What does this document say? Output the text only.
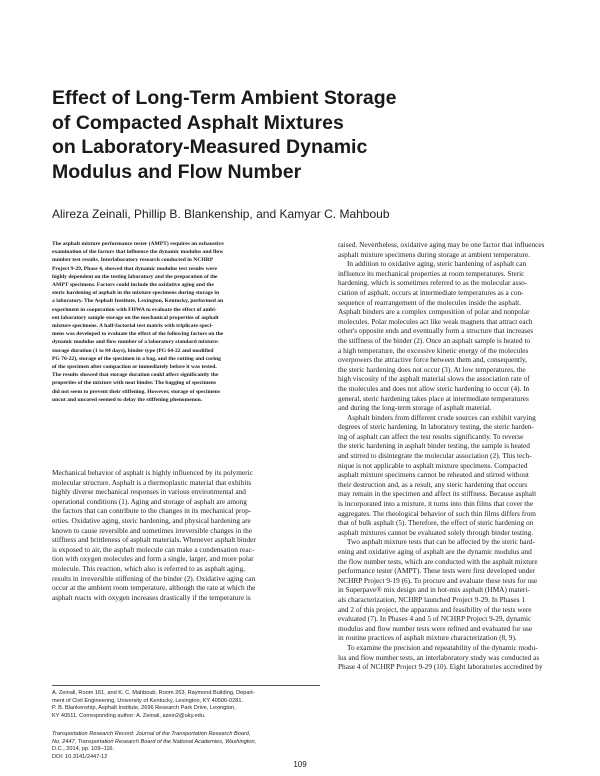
Effect of Long-Term Ambient Storage
of Compacted Asphalt Mixtures
on Laboratory-Measured Dynamic
Modulus and Flow Number
Alireza Zeinali, Phillip B. Blankenship, and Kamyar C. Mahboub
The asphalt mixture performance tester (AMPT) requires an exhaustive
examination of the factors that influence the dynamic modulus and flow
number test results. Interlaboratory research conducted in NCHRP
Project 9-29, Phase 4, showed that dynamic modulus test results were
highly dependent on the testing laboratory and the preparation of the
AMPT specimens. Factors could include the oxidative aging and the
steric hardening of asphalt in the mixture specimens during storage in
a laboratory. The Asphalt Institute, Lexington, Kentucky, performed an
experiment in cooperation with FHWA to evaluate the effect of ambi-
ent laboratory sample storage on the mechanical properties of asphalt
mixture specimens. A half-factorial test matrix with triplicate speci-
mens was developed to evaluate the effect of the following factors on the
dynamic modulus and flow number of a laboratory standard mixture:
storage duration (1 to 84 days), binder type (PG 64-22 and modified
PG 76-22), storage of the specimen in a bag, and the cutting and coring
of the specimen after compaction or immediately before it was tested.
The results showed that storage duration could affect significantly the
properties of the mixture with neat binder. The bagging of specimens
did not seem to prevent their stiffening. However, storage of specimens
uncut and uncored seemed to delay the stiffening phenomenon.
Mechanical behavior of asphalt is highly influenced by its polymeric
molecular structure. Asphalt is a thermoplastic material that exhibits
highly diverse mechanical responses in various environmental and
operational conditions (1). Aging and storage of asphalt are among
the factors that can contribute to the changes in its mechanical prop-
erties. Oxidative aging, steric hardening, and physical hardening are
known to cause reversible and sometimes irreversible changes in the
stiffness and brittleness of asphalt materials. Whenever asphalt binder
is exposed to air, the asphalt molecule can make a condensation reac-
tion with oxygen molecules and form a single, larger, and more polar
molecule. This reaction, which also is referred to as asphalt aging,
results in irreversible stiffening of the binder (2). Oxidative aging can
occur at the ambient room temperature, although the rate at which the
asphalt reacts with oxygen increases drastically if the temperature is
raised. Nevertheless, oxidative aging may be one factor that influences
asphalt mixture specimens during storage at ambient temperature.
In addition to oxidative aging, steric hardening of asphalt can
influence its mechanical properties at room temperatures. Steric
hardening, which is sometimes referred to as the molecular asso-
ciation of asphalt, occurs at intermediate temperatures as a con-
sequence of rearrangement of the molecules inside the asphalt.
Asphalt binders are a complex composition of polar and nonpolar
molecules. Polar molecules act like weak magnets that attract each
other's opposite ends and eventually form a structure that increases
the stiffness of the binder (2). Once an asphalt sample is heated to
a high temperature, the excessive kinetic energy of the molecules
overpowers the attractive force between them and, consequently,
the steric hardening does not occur (3). At low temperatures, the
high viscosity of the asphalt material slows the association rate of
the molecules and does not allow steric hardening to occur (4). In
general, steric hardening takes place at intermediate temperatures
and during the long-term storage of asphalt material.
Asphalt binders from different crude sources can exhibit varying
degrees of steric hardening. In laboratory testing, the steric harden-
ing of asphalt can affect the test results significantly. To reverse
the steric hardening in asphalt binder testing, the sample is heated
and stirred to disintegrate the molecular association (2). This tech-
nique is not applicable to asphalt mixture specimens. Compacted
asphalt mixture specimens cannot be reheated and stirred without
their destruction and, as a result, any steric hardening that occurs
may remain in the specimen and affect its stiffness. Because asphalt
is incorporated into a mixture, it turns into thin films that cover the
aggregates. The rheological behavior of such thin films differs from
that of bulk asphalt (5). Therefore, the effect of steric hardening on
asphalt mixtures cannot be evaluated solely through binder testing.
Two asphalt mixture tests that can be affected by the steric hard-
ening and oxidative aging of asphalt are the dynamic modulus and
the flow number tests, which are conducted with the asphalt mixture
performance tester (AMPT). These tests were first developed under
NCHRP Project 9-19 (6). To procure and evaluate these tests for use
in Superpave® mix design and in hot-mix asphalt (HMA) materi-
als characterization, NCHRP launched Project 9-29. In Phases 1
and 2 of this project, the apparatus and feasibility of the tests were
evaluated (7). In Phases 4 and 5 of NCHRP Project 9-29, dynamic
modulus and flow number tests were refined and evaluated for use
in routine practices of asphalt mixture characterization (8, 9).
To examine the precision and repeatability of the dynamic modu-
lus and flow number tests, an interlaboratory study was conducted as
Phase 4 of NCHRP Project 9-29 (10). Eight laboratories accredited by
A. Zeinali, Room 161, and K. C. Mahboub, Room 263, Raymond Building, Depart-
ment of Civil Engineering, University of Kentucky, Lexington, KY 40506-0281.
P. B. Blankenship, Asphalt Institute, 2696 Research Park Drive, Lexington,
KY 40511. Corresponding author: A. Zeinali, azein2@uky.edu.
Transportation Research Record: Journal of the Transportation Research Board,
No. 2447, Transportation Research Board of the National Academies, Washington,
D.C., 2014, pp. 109–116.
DOI: 10.3141/2447-12
109
